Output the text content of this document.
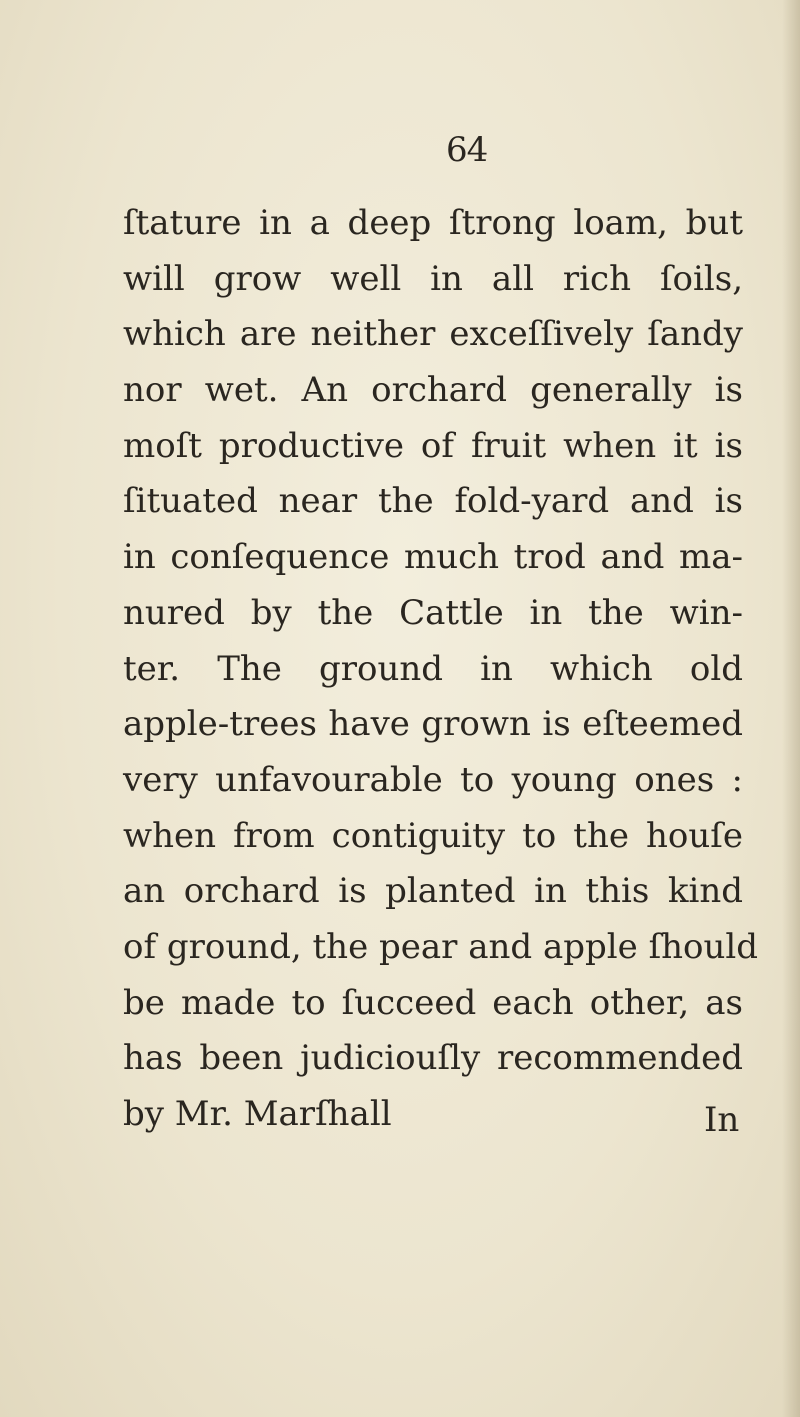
64
ſtature in a deep ſtrong loam, but
will grow well in all rich ſoils,
which are neither exceſſively ſandy
nor wet. An orchard generally is
moſt productive of fruit when it is
ſituated near the fold-yard and is
in conſequence much trod and ma-
nured by the Cattle in the win-
ter. The ground in which old
apple-trees have grown is eſteemed
very unfavourable to young ones :
when from contiguity to the houſe
an orchard is planted in this kind
of ground, the pear and apple ſhould
be made to ſucceed each other, as
has been judiciouſly recommended
by Mr. Marſhall	In
